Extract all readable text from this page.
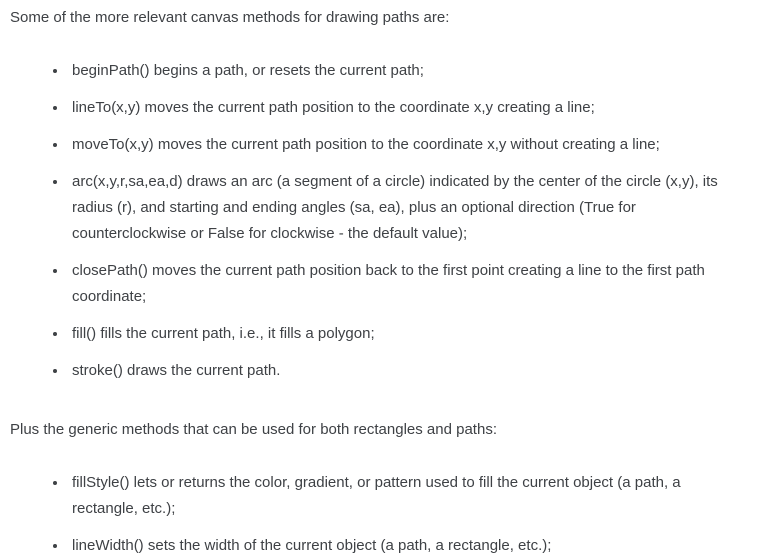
Some of the more relevant canvas methods for drawing paths are:

• beginPath() begins a path, or resets the current path;
• lineTo(x,y) moves the current path position to the coordinate x,y creating a line;
• moveTo(x,y) moves the current path position to the coordinate x,y without creating a line;
• arc(x,y,r,sa,ea,d) draws an arc (a segment of a circle) indicated by the center of the circle (x,y), its radius (r), and starting and ending angles (sa, ea), plus an optional direction (True for counterclockwise or False for clockwise - the default value);
• closePath() moves the current path position back to the first point creating a line to the first path coordinate;
• fill() fills the current path, i.e., it fills a polygon;
• stroke() draws the current path.

Plus the generic methods that can be used for both rectangles and paths:

• fillStyle() lets or returns the color, gradient, or pattern used to fill the current object (a path, a rectangle, etc.);
• lineWidth() sets the width of the current object (a path, a rectangle, etc.);
